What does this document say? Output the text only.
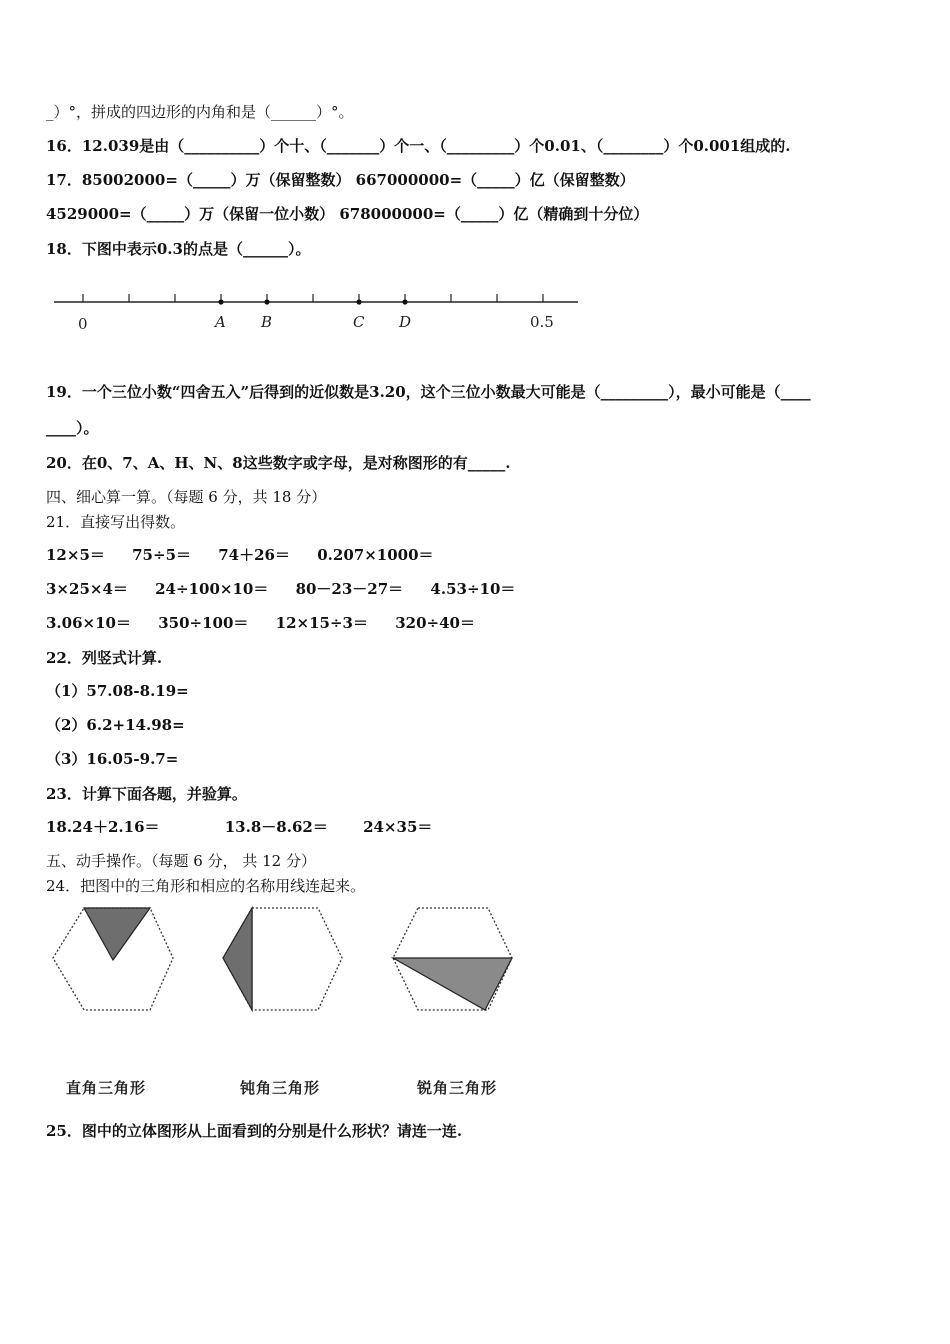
_）°，拼成的四边形的内角和是（______）°。
16．12.039是由（__________）个十、（_______）个一、（_________）个0.01、（________）个0.001组成的.
17．85002000=（_____）万（保留整数） 667000000=（_____）亿（保留整数）
4529000=（_____）万（保留一位小数） 678000000=（_____）亿（精确到十分位）
18．下图中表示0.3的点是（______）。
0	A B	C D	0.5
19．一个三位小数“四舍五入”后得到的近似数是3.20，这个三位小数最大可能是（_________），最小可能是（____
____）。
20．在0、7、A、H、N、8这些数字或字母，是对称图形的有_____.
四、细心算一算。（每题 6 分，共 18 分）
21．直接写出得数。
12×5＝ 75÷5＝ 74＋26＝ 0.207×1000＝
3×25×4＝ 24÷100×10＝ 80－23－27＝ 4.53÷10＝
3.06×10＝ 350÷100＝ 12×15÷3＝ 320÷40＝
22．列竖式计算.
（1）57.08-8.19=
（2）6.2+14.98=
（3）16.05-9.7=
23．计算下面各题，并验算。
18.24＋2.16＝	13.8－8.62＝ 24×35＝
五、动手操作。（每题 6 分， 共 12 分）
24．把图中的三角形和相应的名称用线连起来。
直角三角形	钝角三角形	锐角三角形
25．图中的立体图形从上面看到的分别是什么形状？请连一连.
